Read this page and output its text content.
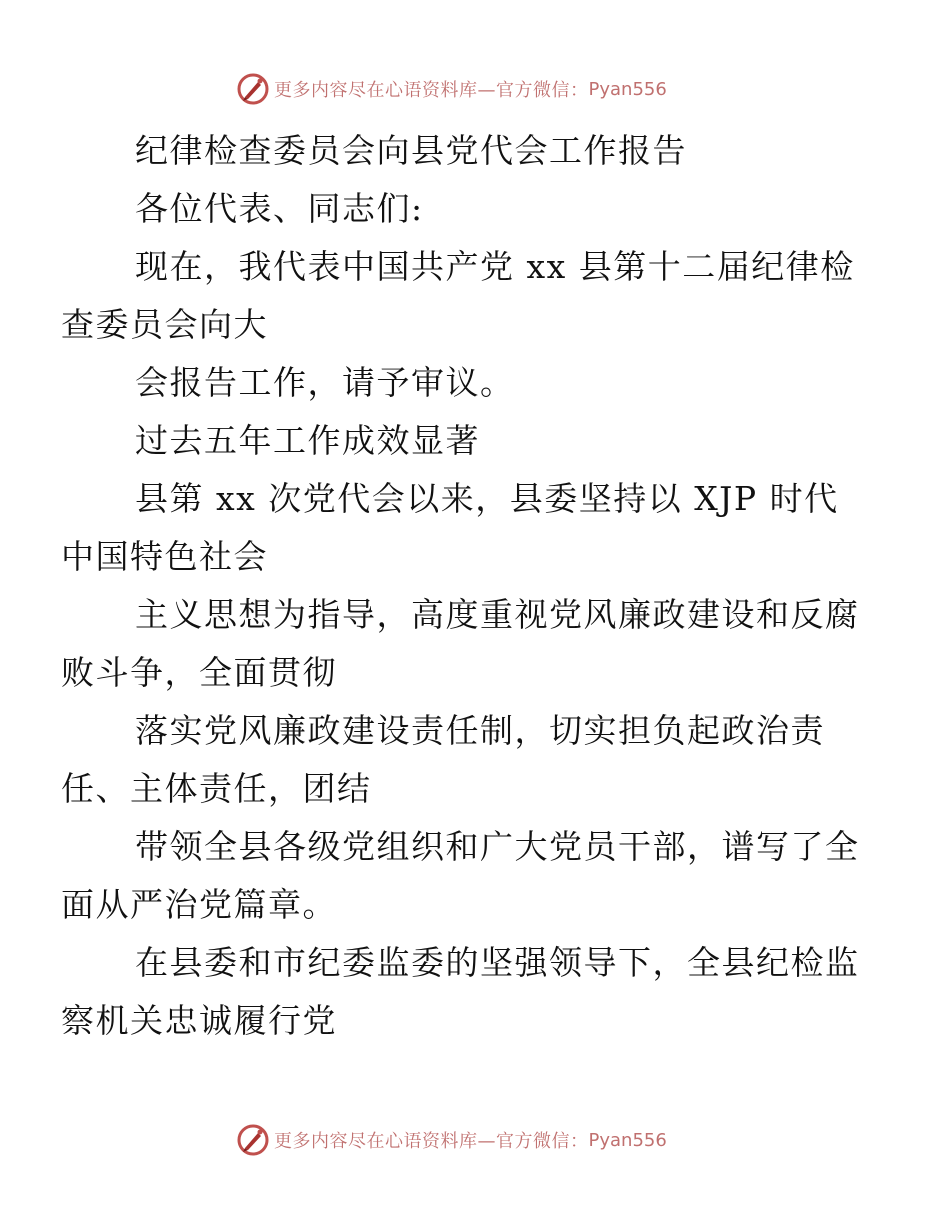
更多内容尽在心语资料库—官方微信： Pyan556

纪律检查委员会向县党代会工作报告

各位代表、同志们:

现在，我代表中国共产党 xx 县第十二届纪律检
查委员会向大

会报告工作，请予审议。

过去五年工作成效显著

县第 xx 次党代会以来，县委坚持以 XJP 时代
中国特色社会

主义思想为指导，高度重视党风廉政建设和反腐
败斗争，全面贯彻

落实党风廉政建设责任制，切实担负起政治责
任、主体责任，团结

带领全县各级党组织和广大党员干部，谱写了全
面从严治党篇章。

在县委和市纪委监委的坚强领导下，全县纪检监
察机关忠诚履行党

更多内容尽在心语资料库—官方微信： Pyan556
